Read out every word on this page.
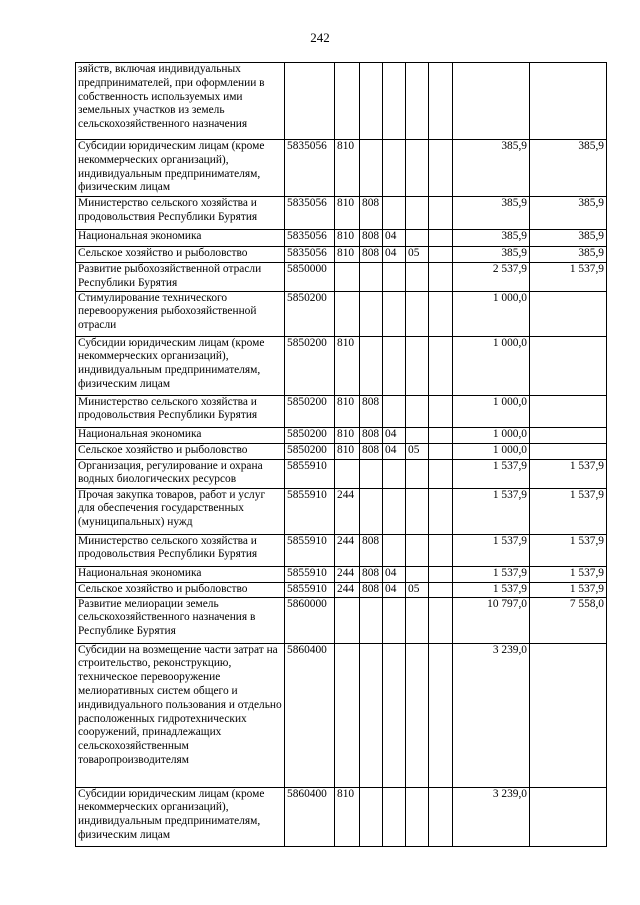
242
зяйств, включая индивидуальных предпринимателей, при оформлении в собственность используемых ими земельных участков из земель сельскохозяйственного назначения								
Субсидии юридическим лицам (кроме некоммерческих организаций), индивидуальным предпринимателям, физическим лицам	5835056	810					385,9	385,9
Министерство сельского хозяйства и продовольствия Республики Бурятия	5835056	810	808				385,9	385,9
Национальная экономика	5835056	810	808	04			385,9	385,9
Сельское хозяйство и рыболовство	5835056	810	808	04	05		385,9	385,9
Развитие рыбохозяйственной отрасли Республики Бурятия	5850000						2 537,9	1 537,9
Стимулирование технического перевооружения рыбохозяйственной отрасли	5850200						1 000,0	
Субсидии юридическим лицам (кроме некоммерческих организаций), индивидуальным предпринимателям, физическим лицам	5850200	810					1 000,0	
Министерство сельского хозяйства и продовольствия Республики Бурятия	5850200	810	808				1 000,0	
Национальная экономика	5850200	810	808	04			1 000,0	
Сельское хозяйство и рыболовство	5850200	810	808	04	05		1 000,0	
Организация, регулирование и охрана водных биологических ресурсов	5855910						1 537,9	1 537,9
Прочая закупка товаров, работ и услуг для обеспечения государственных (муниципальных) нужд	5855910	244					1 537,9	1 537,9
Министерство сельского хозяйства и продовольствия Республики Бурятия	5855910	244	808				1 537,9	1 537,9
Национальная экономика	5855910	244	808	04			1 537,9	1 537,9
Сельское хозяйство и рыболовство	5855910	244	808	04	05		1 537,9	1 537,9
Развитие мелиорации земель сельскохозяйственного назначения в Республике Бурятия	5860000						10 797,0	7 558,0
Субсидии на возмещение части затрат на строительство, реконструкцию, техническое перевооружение мелиоративных систем общего и индивидуального пользования и отдельно расположенных гидротехнических сооружений, принадлежащих сельскохозяйственным товаропроизводителям	5860400						3 239,0	
Субсидии юридическим лицам (кроме некоммерческих организаций), индивидуальным предпринимателям, физическим лицам	5860400	810					3 239,0	
